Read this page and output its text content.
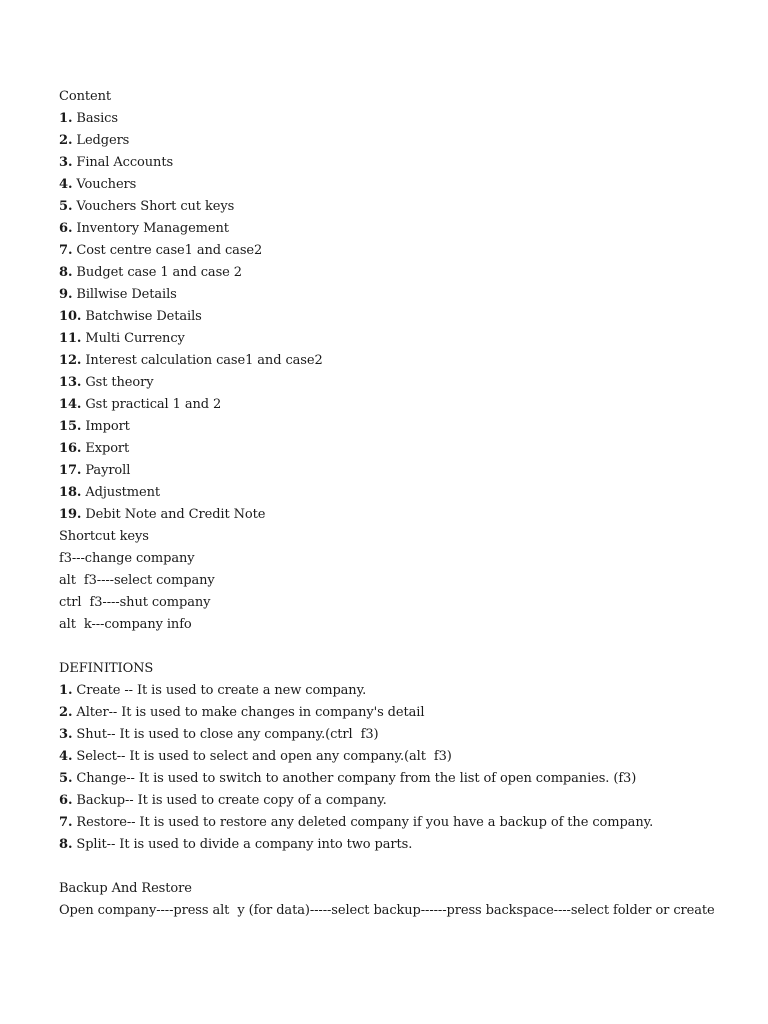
Content
1. Basics
2. Ledgers
3. Final Accounts
4. Vouchers
5. Vouchers Short cut keys
6. Inventory Management
7. Cost centre case1 and case2
8. Budget case 1 and case 2
9. Billwise Details
10. Batchwise Details
11. Multi Currency
12. Interest calculation case1 and case2
13. Gst theory
14. Gst practical 1 and 2
15. Import
16. Export
17. Payroll
18. Adjustment
19. Debit Note and Credit Note
Shortcut keys
f3---change company
alt  f3----select company
ctrl  f3----shut company
alt  k---company info
DEFINITIONS
1. Create -- It is used to create a new company.
2. Alter-- It is used to make changes in company's detail
3. Shut-- It is used to close any company.(ctrl  f3)
4. Select-- It is used to select and open any company.(alt  f3)
5. Change-- It is used to switch to another company from the list of open companies. (f3)
6. Backup-- It is used to create copy of a company.
7. Restore-- It is used to restore any deleted company if you have a backup of the company.
8. Split-- It is used to divide a company into two parts.
Backup And Restore
Open company----press alt  y (for data)-----select backup------press backspace----select folder or create
